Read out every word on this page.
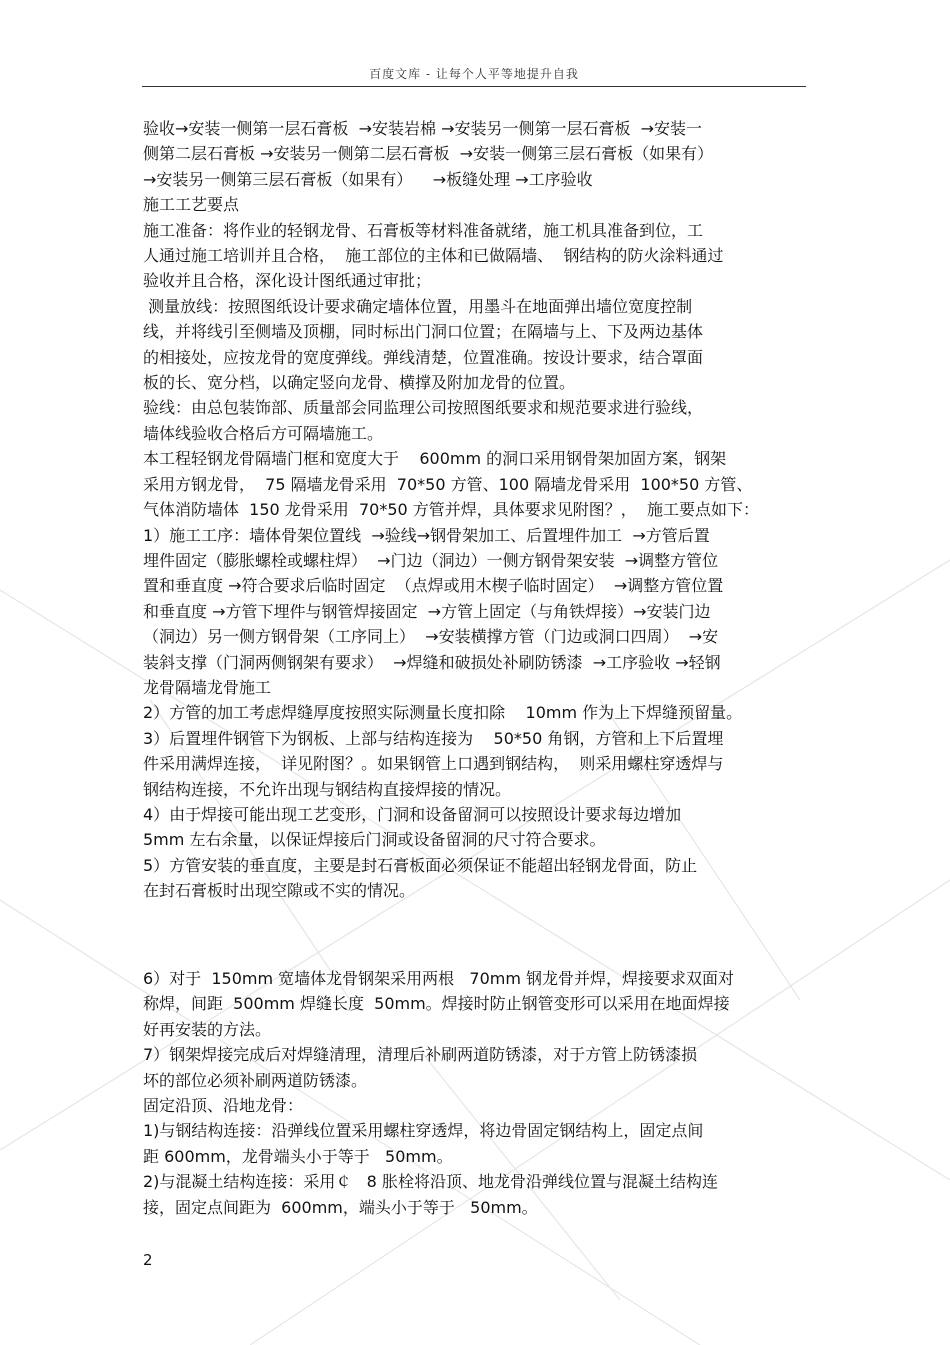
百度文库 - 让每个人平等地提升自我

验收→安装一侧第一层石膏板  →安装岩棉 →安装另一侧第一层石膏板  →安装一

侧第二层石膏板 →安装另一侧第二层石膏板  →安装一侧第三层石膏板（如果有）

→安装另一侧第三层石膏板（如果有）    →板缝处理 →工序验收

施工工艺要点

施工准备：将作业的轻钢龙骨、石膏板等材料准备就绪，施工机具准备到位，工

人通过施工培训并且合格，  施工部位的主体和已做隔墙、  钢结构的防火涂料通过

验收并且合格，深化设计图纸通过审批；

测量放线：按照图纸设计要求确定墙体位置，用墨斗在地面弹出墙位宽度控制

线，并将线引至侧墙及顶棚，同时标出门洞口位置；在隔墙与上、下及两边基体

的相接处，应按龙骨的宽度弹线。弹线清楚，位置准确。按设计要求，结合罩面

板的长、宽分档，以确定竖向龙骨、横撑及附加龙骨的位置。

验线：由总包装饰部、质量部会同监理公司按照图纸要求和规范要求进行验线，

墙体线验收合格后方可隔墙施工。

本工程轻钢龙骨隔墙门框和宽度大于    600mm 的洞口采用钢骨架加固方案，钢架

采用方钢龙骨，  75 隔墙龙骨采用  70*50 方管、100 隔墙龙骨采用  100*50 方管、

气体消防墙体  150 龙骨采用  70*50 方管并焊，具体要求见附图？，  施工要点如下：

1）施工工序：墙体骨架位置线  →验线→钢骨架加工、后置埋件加工  →方管后置

埋件固定（膨胀螺栓或螺柱焊）  →门边（洞边）一侧方钢骨架安装  →调整方管位

置和垂直度 →符合要求后临时固定  （点焊或用木楔子临时固定）  →调整方管位置

和垂直度 →方管下埋件与钢管焊接固定  →方管上固定（与角铁焊接）→安装门边

（洞边）另一侧方钢骨架（工序同上）  →安装横撑方管（门边或洞口四周）  →安

装斜支撑（门洞两侧钢架有要求）  →焊缝和破损处补刷防锈漆  →工序验收 →轻钢

龙骨隔墙龙骨施工

2）方管的加工考虑焊缝厚度按照实际测量长度扣除    10mm 作为上下焊缝预留量。

3）后置埋件钢管下为钢板、上部与结构连接为    50*50 角钢，方管和上下后置埋

件采用满焊连接，  详见附图？。如果钢管上口遇到钢结构，  则采用螺柱穿透焊与

钢结构连接，不允许出现与钢结构直接焊接的情况。

4）由于焊接可能出现工艺变形，门洞和设备留洞可以按照设计要求每边增加

5mm 左右余量，以保证焊接后门洞或设备留洞的尺寸符合要求。

5）方管安装的垂直度，主要是封石膏板面必须保证不能超出轻钢龙骨面，防止

在封石膏板时出现空隙或不实的情况。

6）对于  150mm 宽墙体龙骨钢架采用两根   70mm 钢龙骨并焊，焊接要求双面对

称焊，间距  500mm 焊缝长度  50mm。焊接时防止钢管变形可以采用在地面焊接

好再安装的方法。

7）钢架焊接完成后对焊缝清理，清理后补刷两道防锈漆，对于方管上防锈漆损

坏的部位必须补刷两道防锈漆。

固定沿顶、沿地龙骨：

1)与钢结构连接：沿弹线位置采用螺柱穿透焊，将边骨固定钢结构上，固定点间

距 600mm，龙骨端头小于等于   50mm。

2)与混凝土结构连接：采用￠   8 胀栓将沿顶、地龙骨沿弹线位置与混凝土结构连

接，固定点间距为  600mm，端头小于等于   50mm。

2
